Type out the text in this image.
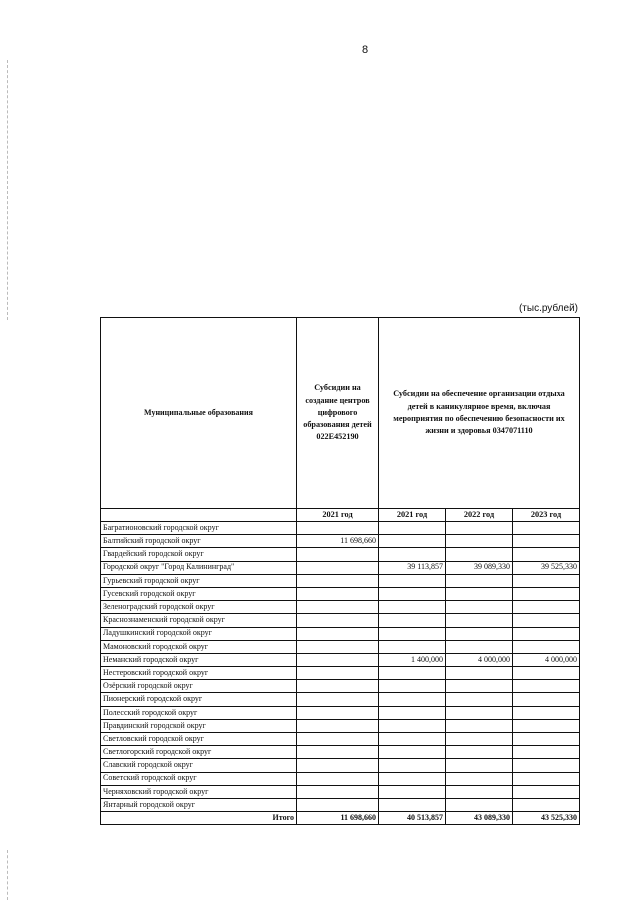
8
(тыс.рублей)
Муниципальные образования	Субсидии на создание центров цифрового образования детей 022Е452190	Субсидии на обеспечение организации отдыха детей в каникулярное время, включая мероприятия по обеспечению безопасности их жизни и здоровья 0347071110		
	2021 год	2021 год	2022 год	2023 год
Багратионовский городской округ				
Балтийский городской округ	11 698,660			
Гвардейский городской округ				
Городской округ "Город Калининград"		39 113,857	39 089,330	39 525,330
Гурьевский городской округ				
Гусевский городской округ				
Зеленоградский городской округ				
Краснознаменский городской округ				
Ладушкинский городской округ				
Мамоновский городской округ				
Неманский городской округ		1 400,000	4 000,000	4 000,000
Нестеровский городской округ				
Озёрский городской округ				
Пионерский городской округ				
Полесский городской округ				
Правдинский городской округ				
Светловский городской округ				
Светлогорский городской округ				
Славский городской округ				
Советский городской округ				
Черняховский городской округ				
Янтарный городской округ				
Итого	11 698,660	40 513,857	43 089,330	43 525,330
